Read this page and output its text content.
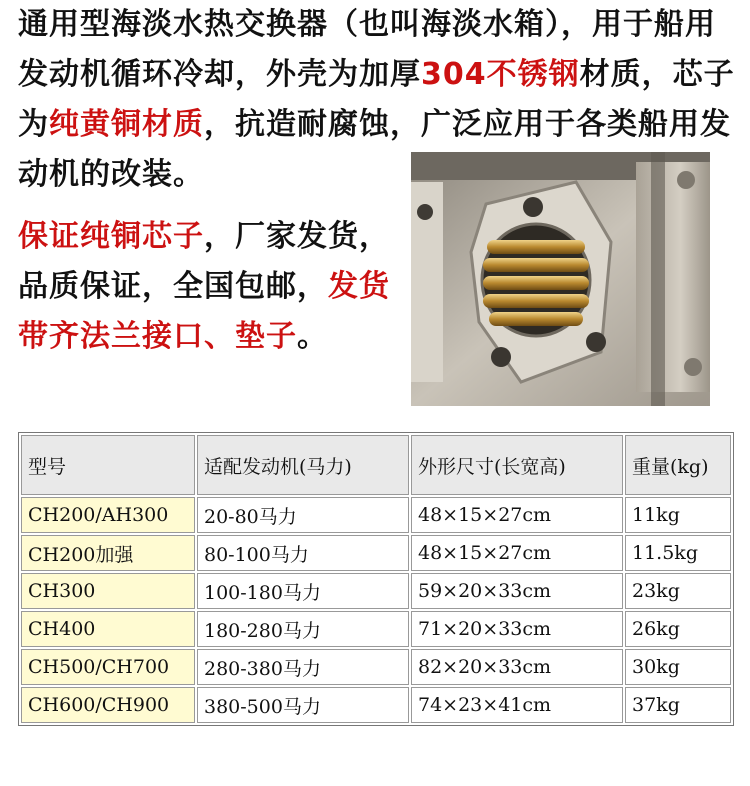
通用型海淡水热交换器（也叫海淡水箱），用于船用发动机循环冷却，外壳为加厚304不锈钢材质，芯子为纯黄铜材质，抗造耐腐蚀，广泛应用于各类船用发动机的改装。
保证纯铜芯子，厂家发货，品质保证，全国包邮，发货带齐法兰接口、垫子。
型号	适配发动机(马力)	外形尺寸(长宽高)	重量(kg)
CH200/AH300	20-80马力	48×15×27cm	11kg
CH200加强	80-100马力	48×15×27cm	11.5kg
CH300	100-180马力	59×20×33cm	23kg
CH400	180-280马力	71×20×33cm	26kg
CH500/CH700	280-380马力	82×20×33cm	30kg
CH600/CH900	380-500马力	74×23×41cm	37kg
